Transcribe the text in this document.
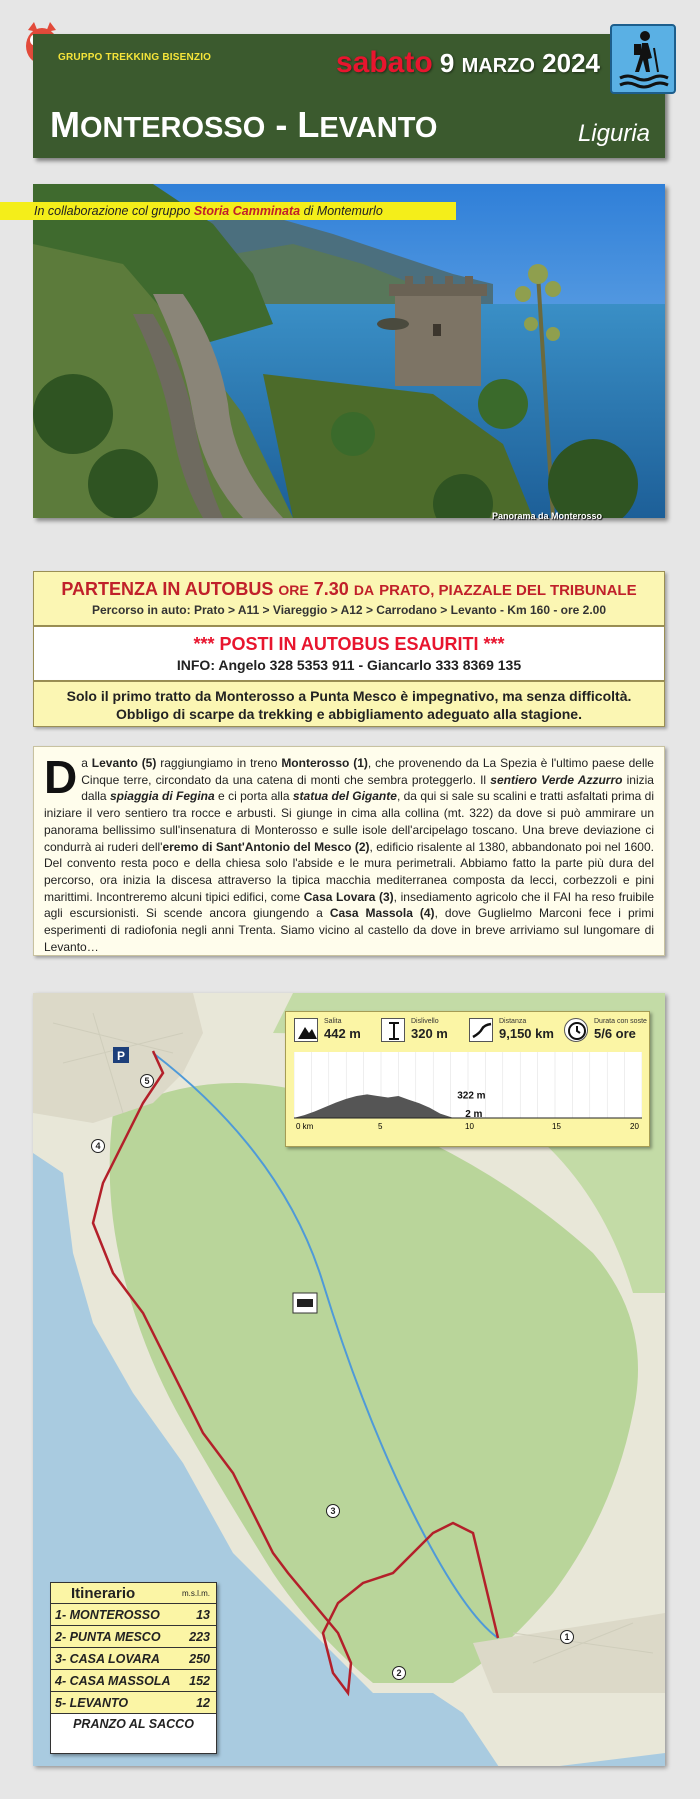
GRUPPO TREKKING BISENZIO	sabato 9 MARZO 2024
MONTEROSSO - LEVANTO	Liguria
In collaborazione col gruppo Storia Camminata di Montemurlo
Panorama da Monterosso
PARTENZA IN AUTOBUS ORE 7.30 DA PRATO, PIAZZALE DEL TRIBUNALE
Percorso in auto: Prato > A11 > Viareggio > A12 > Carrodano > Levanto - Km 160 - ore 2.00
*** POSTI IN AUTOBUS ESAURITI ***
INFO: Angelo 328 5353 911 - Giancarlo 333 8369 135

Solo il primo tratto da Monterosso a Punta Mesco è impegnativo, ma senza difficoltà.

Obbligo di scarpe da trekking e abbigliamento adeguato alla stagione.

Da Levanto (5) raggiungiamo in treno Monterosso (1), che provenendo da La Spezia è l'ultimo paese delle Cinque terre, circondato da una catena di monti che sembra proteggerlo. Il sentiero Verde Azzurro inizia dalla spiaggia di Fegina e ci porta alla statua del Gigante, da qui si sale su scalini e tratti asfaltati prima di iniziare il vero sentiero tra rocce e arbusti. Si giunge in cima alla collina (mt. 322) da dove si può ammirare un panorama bellissimo sull'insenatura di Monterosso e sulle isole dell'arcipelago toscano. Una breve deviazione ci condurrà ai ruderi dell'eremo di Sant'Antonio del Mesco (2), edificio risalente al 1380, abbandonato poi nel 1600. Del convento resta poco e della chiesa solo l'abside e le mura perimetrali. Abbiamo fatto la parte più dura del percorso, ora inizia la discesa attraverso la tipica macchia mediterranea composta da lecci, corbezzoli e pini marittimi. Incontreremo alcuni tipici edifici, come Casa Lovara (3), insediamento agricolo che il FAI ha reso fruibile agli escursionisti. Si scende ancora giungendo a Casa Massola (4), dove Guglielmo Marconi fece i primi esperimenti di radiofonia negli anni Trenta. Siamo vicino al castello da dove in breve arriviamo sul lungomare di Levanto…
P
5
4
3
2
1
Salita
442 m
Dislivello
320 m
Distanza
9,150 km
Durata con soste
5/6 ore
0 km	5	10	15	20
322 m
2 m
Itinerario	m.s.l.m.
1- MONTEROSSO	13
2- PUNTA MESCO 223
3- CASA LOVARA 250
4- CASA MASSOLA 152
5- LEVANTO	12
PRANZO AL SACCO
